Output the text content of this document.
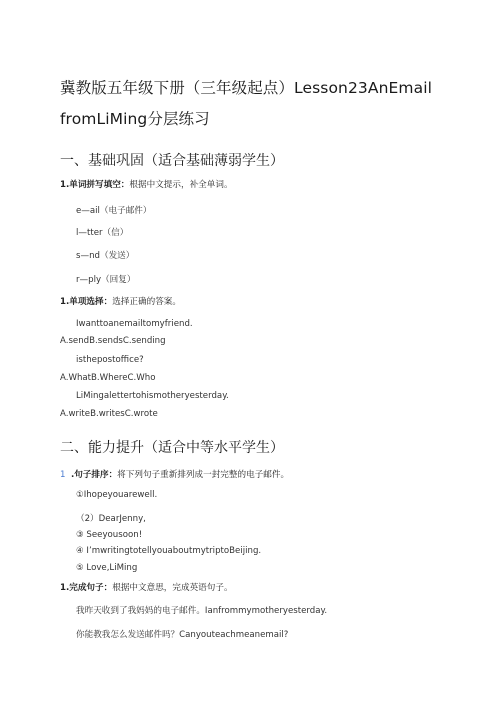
冀教版五年级下册（三年级起点）Lesson23AnEmail
fromLiMing分层练习
一、基础巩固（适合基础薄弱学生）
1.单词拼写填空：根据中文提示，补全单词。
e—ail（电子邮件）
l—tter（信）
s—nd（发送）
r—ply（回复）
1.单项选择：选择正确的答案。
Iwanttoanemailtomyfriend.
A.sendB.sendsC.sending
isthepostoffice?
A.WhatB.WhereC.Who
LiMingalettertohismotheryesterday.
A.writeB.writesC.wrote
二、能力提升（适合中等水平学生）
1 .句子排序：将下列句子重新排列成一封完整的电子邮件。
①Ihopeyouarewell.
（2）DearJenny,
③ Seeyousoon!
④ I’mwritingtotellyouaboutmytriptoBeijing.
⑤ Love,LiMing
1.完成句子：根据中文意思，完成英语句子。
我昨天收到了我妈妈的电子邮件。Ianfrommymotheryesterday.
你能教我怎么发送邮件吗？Canyouteachmeanemail?
